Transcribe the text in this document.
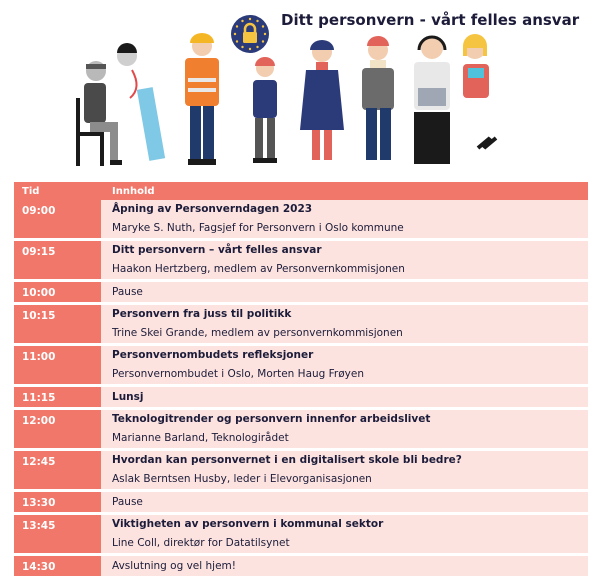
Ditt personvern - vårt felles ansvar
Tid	Innhold
09:00	Åpning av Personverndagen 2023
Maryke S. Nuth, Fagsjef for Personvern i Oslo kommune

09:15	Ditt personvern – vårt felles ansvar
Haakon Hertzberg, medlem av Personvernkommisjonen

10:00	Pause

10:15	Personvern fra juss til politikk
Trine Skei Grande, medlem av personvernkommisjonen

11:00	Personvernombudets refleksjoner
Personvernombudet i Oslo, Morten Haug Frøyen

11:15	Lunsj

12:00	Teknologitrender og personvern innenfor arbeidslivet
Marianne Barland, Teknologirådet

12:45	Hvordan kan personvernet i en digitalisert skole bli bedre?
Aslak Berntsen Husby, leder i Elevorganisasjonen

13:30	Pause

13:45	Viktigheten av personvern i kommunal sektor
Line Coll, direktør for Datatilsynet

14:30	Avslutning og vel hjem!
